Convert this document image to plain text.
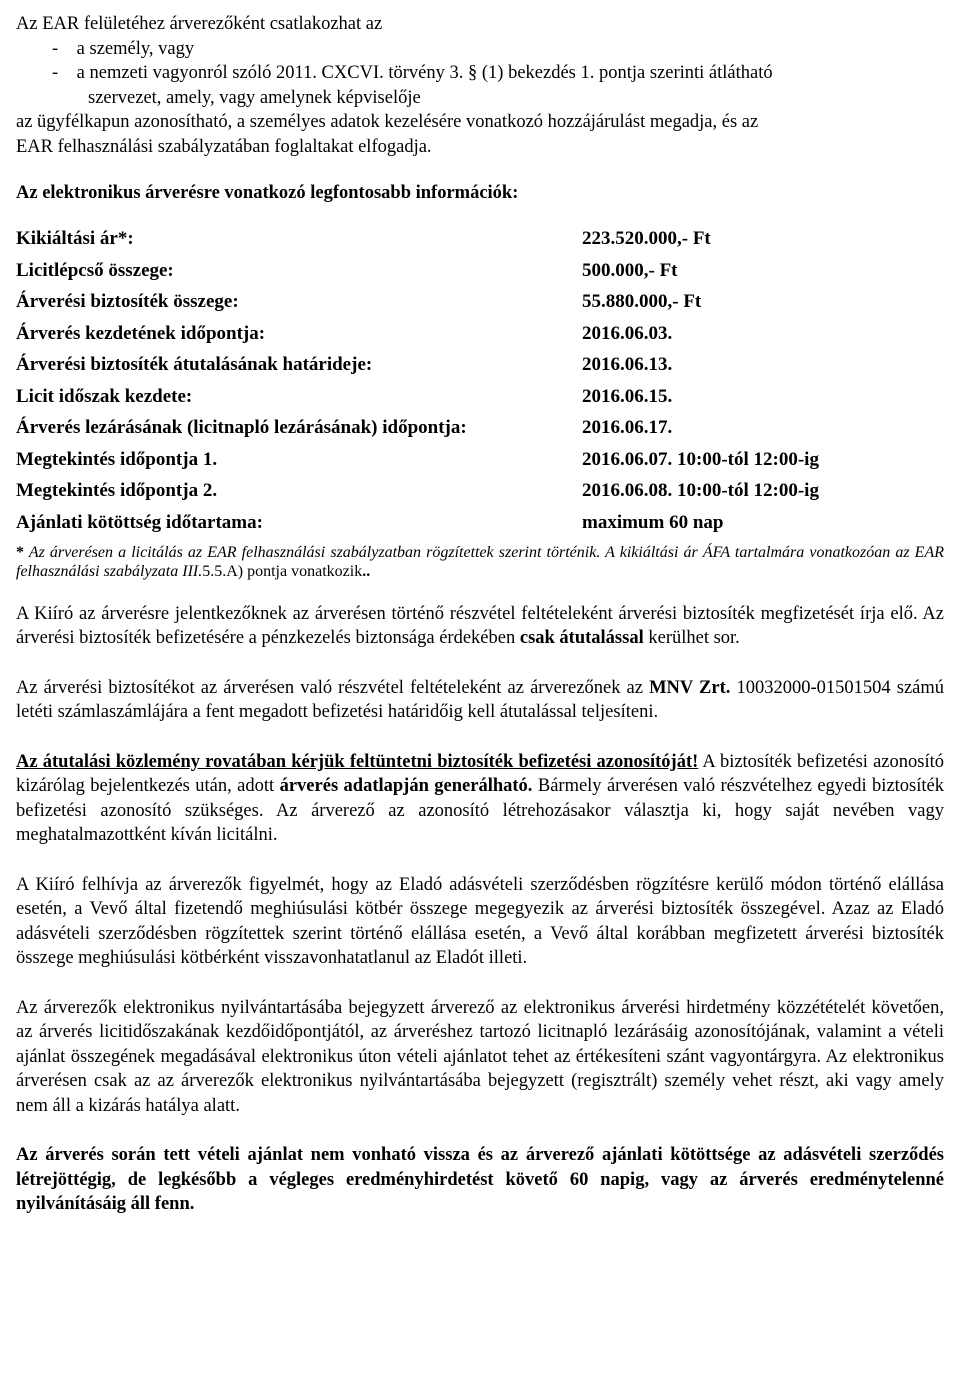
Az EAR felületéhez árverezőként csatlakozhat az
-    a személy, vagy
-    a nemzeti vagyonról szóló 2011. CXCVI. törvény 3. § (1) bekezdés 1. pontja szerinti átlátható
szervezet, amely, vagy amelynek képviselője
az ügyfélkapun azonosítható, a személyes adatok kezelésére vonatkozó hozzájárulást megadja, és az
EAR felhasználási szabályzatában foglaltakat elfogadja.
Az elektronikus árverésre vonatkozó legfontosabb információk:
Kikiáltási ár*:	223.520.000,- Ft
Licitlépcső összege:	500.000,- Ft
Árverési biztosíték összege:	55.880.000,- Ft
Árverés kezdetének időpontja:	2016.06.03.
Árverési biztosíték átutalásának határideje:	2016.06.13.
Licit időszak kezdete:	2016.06.15.
Árverés lezárásának (licitnapló lezárásának) időpontja:	2016.06.17.
Megtekintés időpontja 1.	2016.06.07. 10:00-tól 12:00-ig
Megtekintés időpontja 2.	2016.06.08. 10:00-tól 12:00-ig
Ajánlati kötöttség időtartama:	maximum 60 nap

* Az árverésen a licitálás az EAR felhasználási szabályzatban rögzítettek szerint történik. A kikiáltási ár ÁFA tartalmára vonatkozóan az EAR felhasználási szabályzata III.5.5.A) pontja vonatkozik..

A Kiíró az árverésre jelentkezőknek az árverésen történő részvétel feltételeként árverési biztosíték megfizetését írja elő. Az árverési biztosíték befizetésére a pénzkezelés biztonsága érdekében csak átutalással kerülhet sor.

Az árverési biztosítékot az árverésen való részvétel feltételeként az árverezőnek az MNV Zrt. 10032000-01501504 számú letéti számlaszámlájára a fent megadott befizetési határidőig kell átutalással teljesíteni.

Az átutalási közlemény rovatában kérjük feltüntetni biztosíték befizetési azonosítóját! A biztosíték befizetési azonosító kizárólag bejelentkezés után, adott árverés adatlapján generálható. Bármely árverésen való részvételhez egyedi biztosíték befizetési azonosító szükséges. Az árverező az azonosító létrehozásakor választja ki, hogy saját nevében vagy meghatalmazottként kíván licitálni.

A Kiíró felhívja az árverezők figyelmét, hogy az Eladó adásvételi szerződésben rögzítésre kerülő módon történő elállása esetén, a Vevő által fizetendő meghiúsulási kötbér összege megegyezik az árverési biztosíték összegével. Azaz az Eladó adásvételi szerződésben rögzítettek szerint történő elállása esetén, a Vevő által korábban megfizetett árverési biztosíték összege meghiúsulási kötbérként visszavonhatatlanul az Eladót illeti.

Az árverezők elektronikus nyilvántartásába bejegyzett árverező az elektronikus árverési hirdetmény közzétételét követően, az árverés licitidőszakának kezdőidőpontjától, az árveréshez tartozó licitnapló lezárásáig azonosítójának, valamint a vételi ajánlat összegének megadásával elektronikus úton vételi ajánlatot tehet az értékesíteni szánt vagyontárgyra. Az elektronikus árverésen csak az az árverezők elektronikus nyilvántartásába bejegyzett (regisztrált) személy vehet részt, aki vagy amely nem áll a kizárás hatálya alatt.

Az árverés során tett vételi ajánlat nem vonható vissza és az árverező ajánlati kötöttsége az adásvételi szerződés létrejöttégig, de legkésőbb a végleges eredményhirdetést követő 60 napig, vagy az árverés eredménytelenné nyilvánításáig áll fenn.
